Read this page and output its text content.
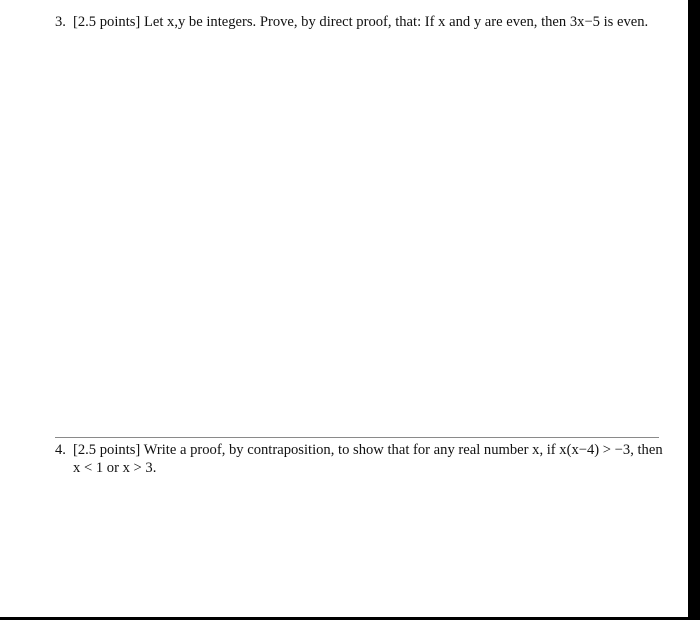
3. [2.5 points] Let x,y be integers. Prove, by direct proof, that: If x and y are even, then 3x−5 is even.
4. [2.5 points] Write a proof, by contraposition, to show that for any real number x, if x(x−4) > −3, then
x < 1 or x > 3.
